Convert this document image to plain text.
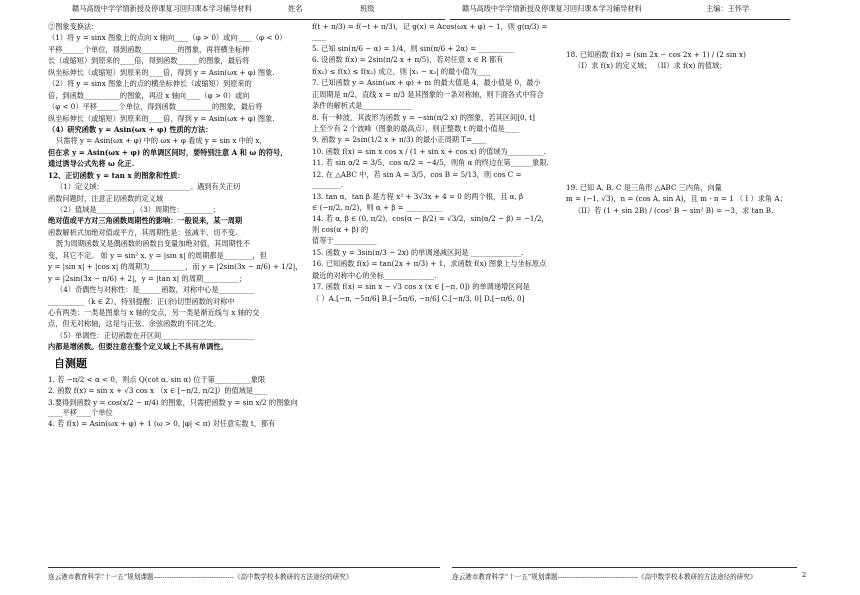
赣马高级中学学情新授及停课复习回归课本学习辅导材料	姓名	班级	赣马高级中学学情新授及停课复习回归课本学习辅导材料	主编：王怀学

②图象变换法：

（1）将 y = sinx 图象上的点向 x 轴向____（φ > 0）或向____（φ < 0）

平移______个单位，得到函数__________的图象，再将横坐标伸

长（或缩短）到原来的____倍，得到函数______的图象，最后将

纵坐标伸长（或缩短）到原来的____倍，得到 y = Asin(ωx + φ) 图象.

（2）将 y = sinx 图象上的点的横坐标伸长（或缩短）到原来的

倍，到函数__________的图象，再沿 x 轴向____（φ > 0）或向

（φ < 0）平移______个单位，得到函数__________的图象，最后将

纵坐标伸长（或缩短）到原来的____倍，得到 y = Asin(ωx + φ) 图象.

（4）研究函数 y = Asin(ωx + φ) 性质的方法：

只需将 y = Asin(ωx + φ) 中的 ωx + φ 看成 y = sin x 中的 x，

但在求 y = Asin(ωx + φ) 的单调区间时，要特别注意 A 和 ω 的符号，

通过诱导公式先将 ω 化正.

12、正切函数 y = tan x 的图象和性质：

（1）定义域：________________________。遇到有关正切

函数问题时，注意正切函数的定义域

（2）值域是__________，（3）周期性：________；

绝对值或平方对三角函数周期性的影响：一般说来，某一周期

函数解析式加绝对值或平方，其周期性是：弦减半、切不变.

既为周期函数又是偶函数的函数自变量加绝对值，其周期性不

变，其它不定。 如 y = sin² x, y = |sin x| 的周期都是________，但

y = |sin x| + |cos x| 的周期为__________，而 y = |2sin(3x − π/6) + 1/2|，

y = |2sin(3x − π/6) + 2|，y = |tan x| 的周期__________；

（4）奇偶性与对称性：是______函数，对称中心是__________

__________（k ∈ Z），特别提醒：正(余)切型函数的对称中

心有两类：一类是图象与 x 轴的交点，另一类是渐近线与 x 轴的交

点，但无对称轴，这是与正弦、余弦函数的不同之处。

（5）单调性：正切函数在开区间__________________________

内都是增函数。但要注意在整个定义域上不具有单调性。

自测题

1. 若 −π/2 < α < 0，则点 Q(cot α, sin α) 位于第__________象限

2. 函数 f(x) = sin x + √3 cos x （x ∈ [−π/2, π/2]）的值域是____

3.要得到函数 y = cos(x/2 − π/4) 的图象，只需把函数 y = sin x/2 的图象向____平移____个单位

4. 若 f(x) = Asin(ωx + φ) + 1 (ω > 0, |φ| < π) 对任意实数 t，都有

f(t + π/3) = f(−t + π/3)，记 g(x) = Acos(ωx + φ) − 1，则 g(π/3) = ____

5. 已知 sin(π/6 − α) = 1/4，则 sin(π/6 + 2α) = __________

6. 设函数 f(x) = 2sin(π/2 x + π/5)，若对任意 x ∈ R 都有

f(x₁) ≤ f(x) ≤ f(x₂) 成立，则 |x₁ − x₂| 的最小值为____

7. 已知函数 y = Asin(ωx + φ) + m 的最大值是 4，最小值是 0，最小

正周期是 π/2，直线 x = π/3 是其图象的一条对称轴，则下面各式中符合

条件的解析式是______________

8. 有一种波，其波形为函数 y = −sin(π/2 x) 的图象，若其区间[0, t]

上至少有 2 个波峰（图象的最高点），则正整数 t 的最小值是____

9. 函数 y = 2sin(1/2 x + π/3) 的最小正周期 T=____

10. 函数 f(x) = sin x cos x / (1 + sin x + cos x) 的值域为__________.

11. 若 sin α/2 = 3/5，cos α/2 = −4/5，则角 α 的终边在第______象限.

12. 在 △ABC 中，若 sin A = 3/5，cos B = 5/13，则 cos C = ________.

13. tan α，tan β 是方程 x² + 3√3x + 4 = 0 的两个根，且 α, β

∈ (−π/2, π/2)，则 α + β = __________

14. 若 α, β ∈ (0, π/2)，cos(α − β/2) = √3/2，sin(α/2 − β) = −1/2，则 cos(α + β) 的

值等于____________

15. 函数 y = 3sin(π/3 − 2x) 的单调递减区间是 ______________.

16. 已知函数 f(x) = tan(2x + π/3) + 1，求函数 f(x) 图象上与坐标原点

最近的对称中心的坐标______________.

17. 函数 f(x) = sin x − √3 cos x (x ∈ [−π, 0]) 的单调递增区间是

（ ）A.[−π, −5π/6] B.[−5π/6, −π/6] C.[−π/3, 0] D.[−π/6, 0]

18. 已知函数 f(x) = (sin 2x − cos 2x + 1) / (2 sin x)

（I）求 f(x) 的定义域； （II）求 f(x) 的值域；

19. 已知 A, B, C 是三角形 △ABC 三内角，向量

m = (−1, √3)，n = (cos A, sin A)，且 m · n = 1 （ I ）求角 A；

（II）若 (1 + sin 2B) / (cos² B − sin² B) = −3，求 tan B.

连云港市教育科学“十一五”规划课题------------------------------------《高中数学校本教研的方法途径的研究》	连云港市教育科学“十一五”规划课题------------------------------------《高中数学校本教研的方法途径的研究》	2
